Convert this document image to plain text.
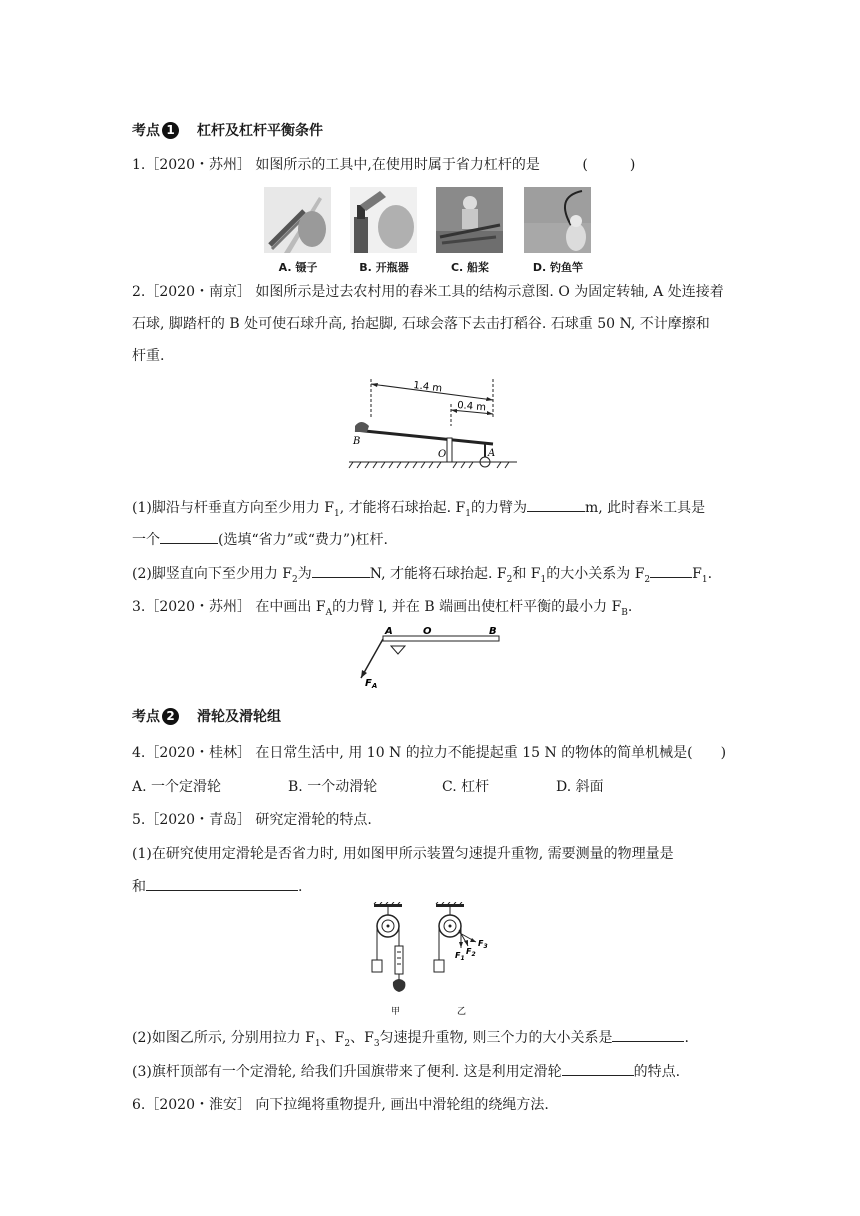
考点 1	杠杆及杠杆平衡条件
1.［2020・苏州］ 如图所示的工具中,在使用时属于省力杠杆的是	(	)
A. 镊子	B. 开瓶器	C. 船桨	D. 钓鱼竿
2.［2020・南京］ 如图所示是过去农村用的舂米工具的结构示意图. O 为固定转轴, A 处连接着
石球, 脚踏杆的 B 处可使石球升高, 抬起脚, 石球会落下去击打稻谷. 石球重 50 N, 不计摩擦和
杆重.
1.4 m
0.4 m
B
O	A
(1)脚沿与杆垂直方向至少用力 $F_1$, 才能将石球抬起. $F_1$的力臂为	m, 此时舂米工具是
一个	(选填“省力”或“费力”)杠杆.
(2)脚竖直向下至少用力 $F_2$为	N, 才能将石球抬起. $F_2$和 $F_1$的大小关系为 $F_2$	$F_1$.
3.［2020・苏州］ 在中画出 $F_A$的力臂 l, 并在 B 端画出使杠杆平衡的最小力 $F_B$.
A	O	B
$F_A$
考点 2	滑轮及滑轮组
4.［2020・桂林］ 在日常生活中, 用 10 N 的拉力不能提起重 15 N 的物体的简单机械是( )
A. 一个定滑轮	B. 一个动滑轮	C. 杠杆	D. 斜面
5.［2020・青岛］ 研究定滑轮的特点.
(1)在研究使用定滑轮是否省力时, 用如图甲所示装置匀速提升重物, 需要测量的物理量是
和	.
甲
$F_1$
$F_2$
$F_3$
乙
(2)如图乙所示, 分别用拉力 $F_1$、$F_2$、$F_3$匀速提升重物, 则三个力的大小关系是	.
(3)旗杆顶部有一个定滑轮, 给我们升国旗带来了便利. 这是利用定滑轮	的特点.
6.［2020・淮安］ 向下拉绳将重物提升, 画出中滑轮组的绕绳方法.
